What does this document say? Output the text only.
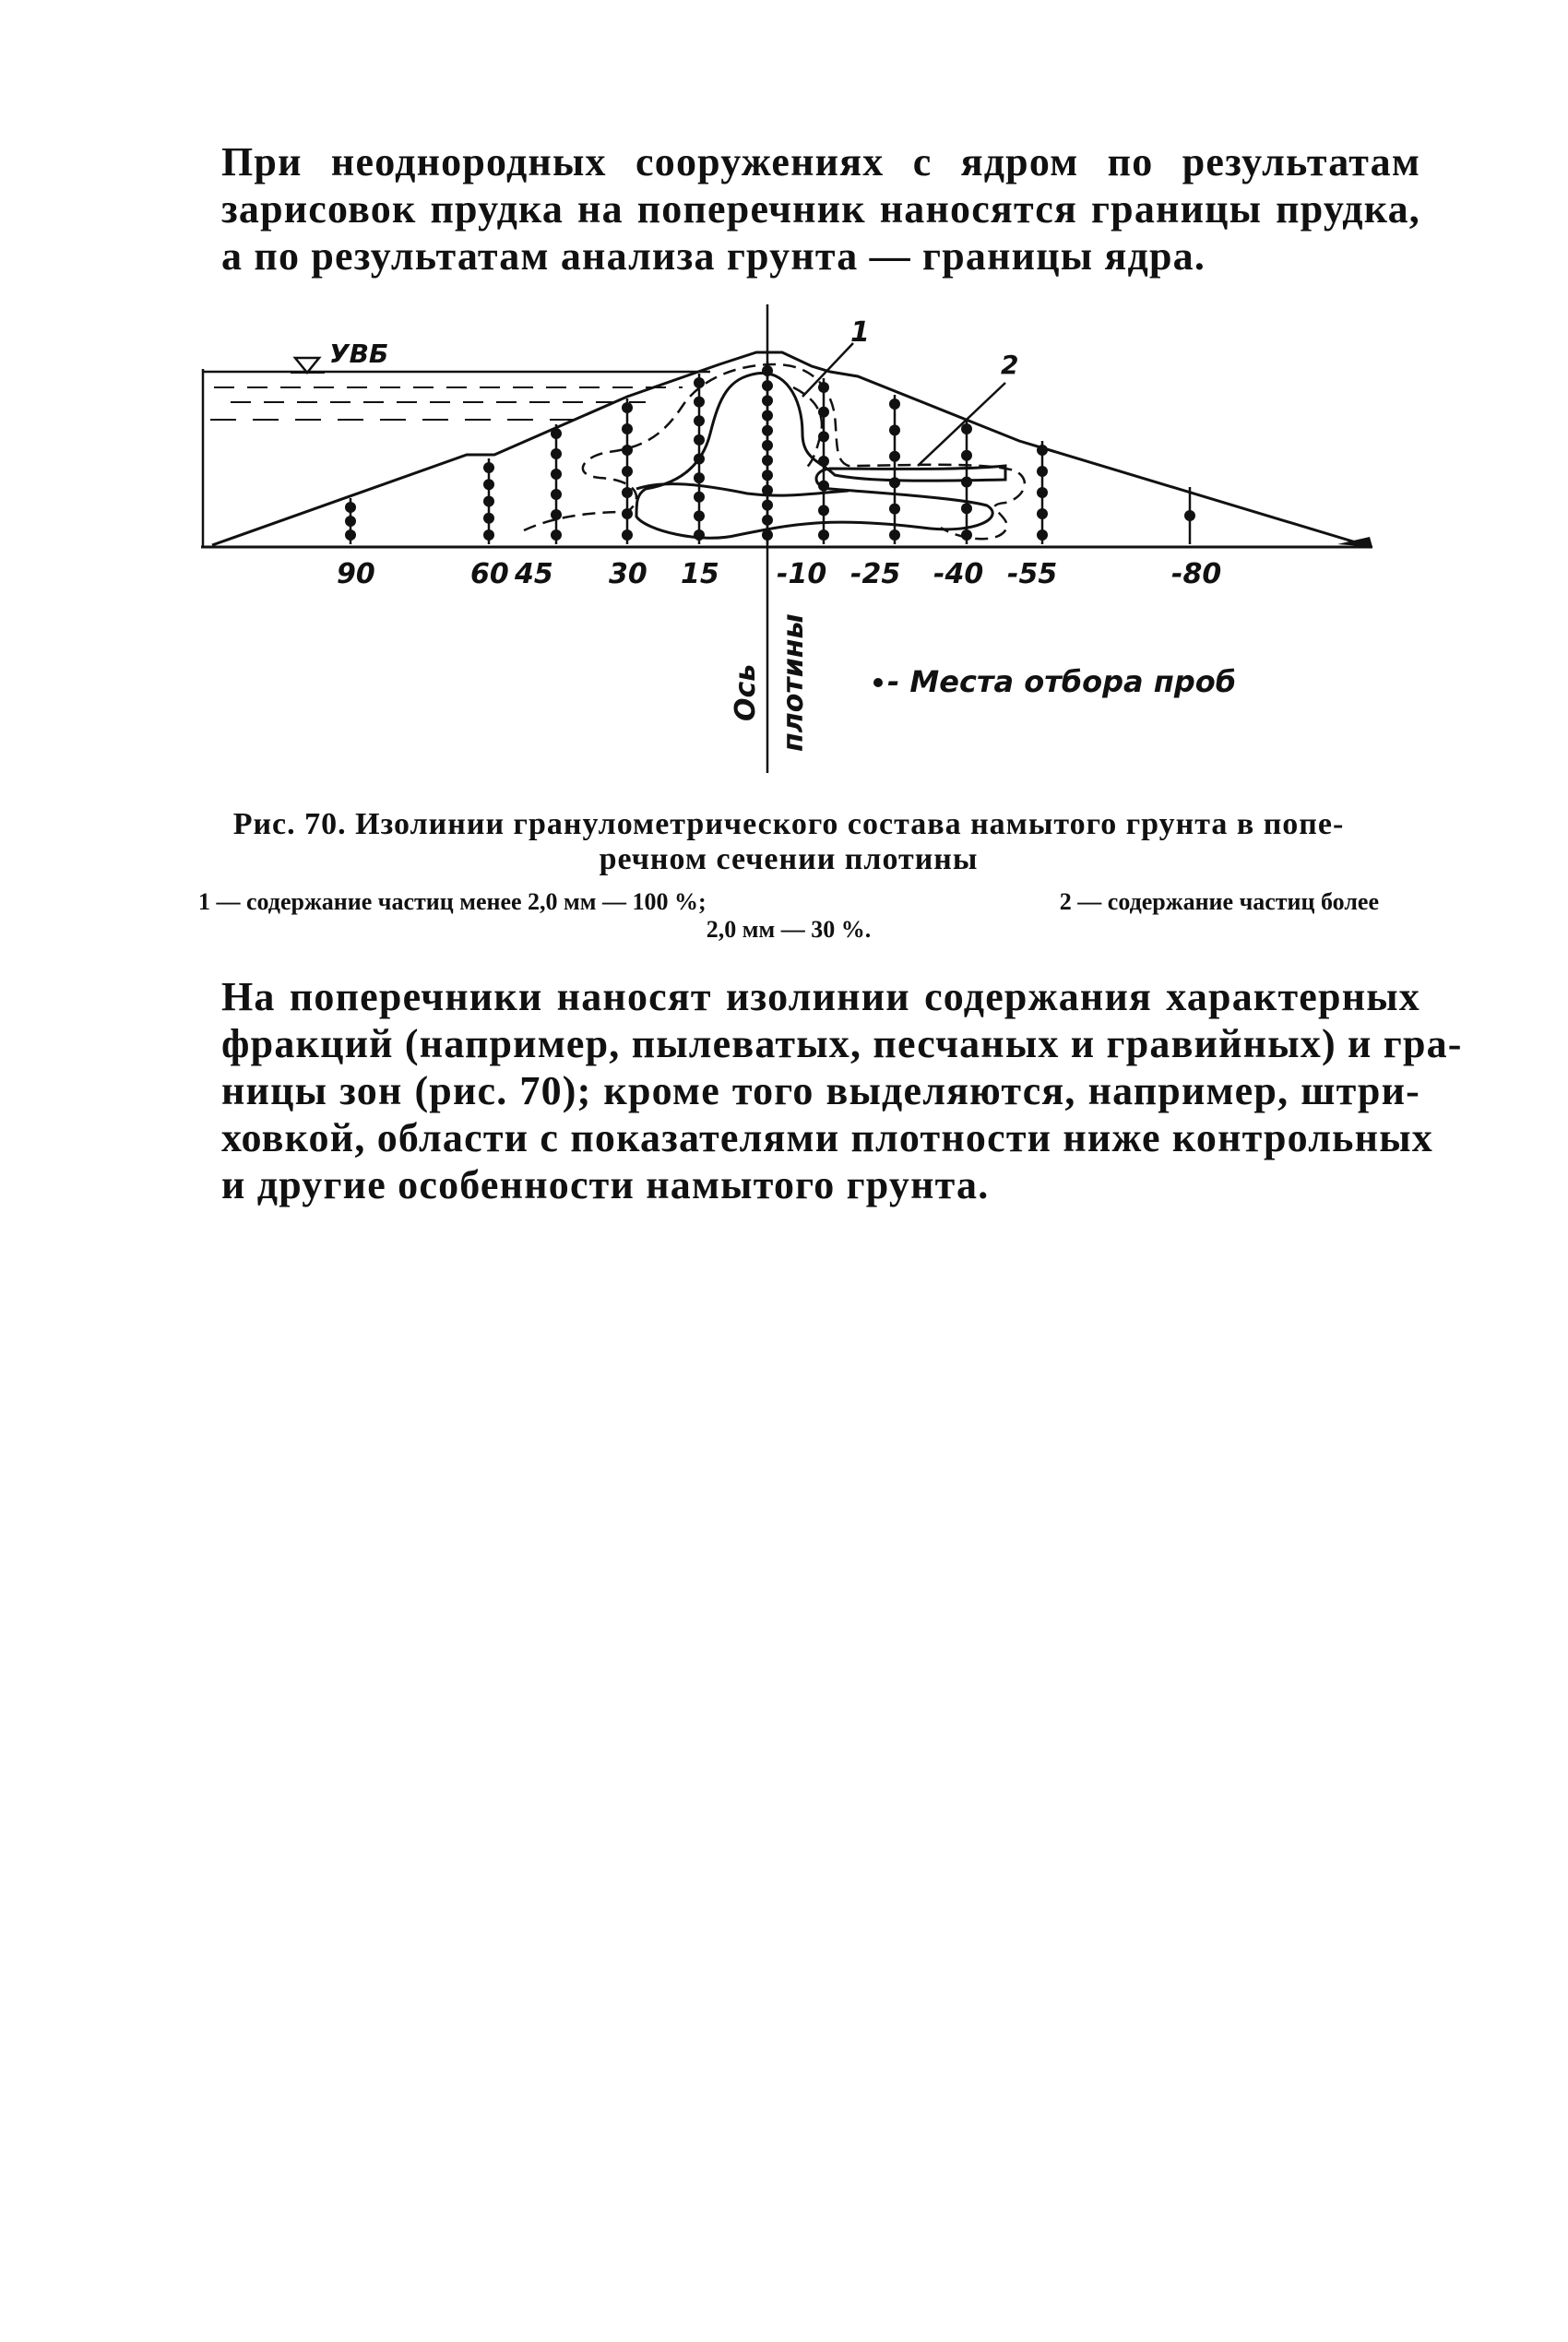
При неоднородных сооружениях с ядром по результатам
зарисовок прудка на поперечник наносятся границы прудка,
а по результатам анализа грунта — границы ядра.
УВБ
1
2
90	60 45 30 15 -10 -25 -40 -55	-80
Ось плотины	- Места отбора проб
Рис. 70. Изолинии гранулометрического состава намытого грунта в попе-
речном сечении плотины
1 — содержание частиц менее 2,0 мм — 100 %;	2 — содержание частиц более
2,0 мм — 30 %.
На поперечники наносят изолинии содержания характерных
фракций (например, пылеватых, песчаных и гравийных) и гра-
ницы зон (рис. 70); кроме того выделяются, например, штри-
ховкой, области с показателями плотности ниже контрольных
и другие особенности намытого грунта.
